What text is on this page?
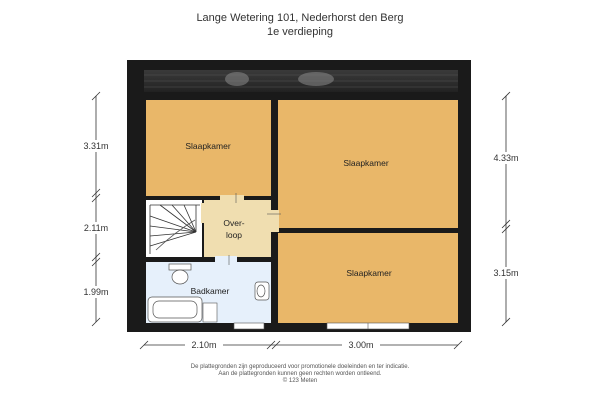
Lange Wetering 101, Nederhorst den Berg
1e verdieping
Slaapkamer
Slaapkamer
Slaapkamer
Over-
loop
Badkamer
3.31m
2.11m
1.99m
4.33m
3.15m
2.10m	3.00m
De plattegronden zijn geproduceerd voor promotionele doeleinden en ter indicatie.
Aan de plattegronden kunnen geen rechten worden ontleend.
© 123 Meten
